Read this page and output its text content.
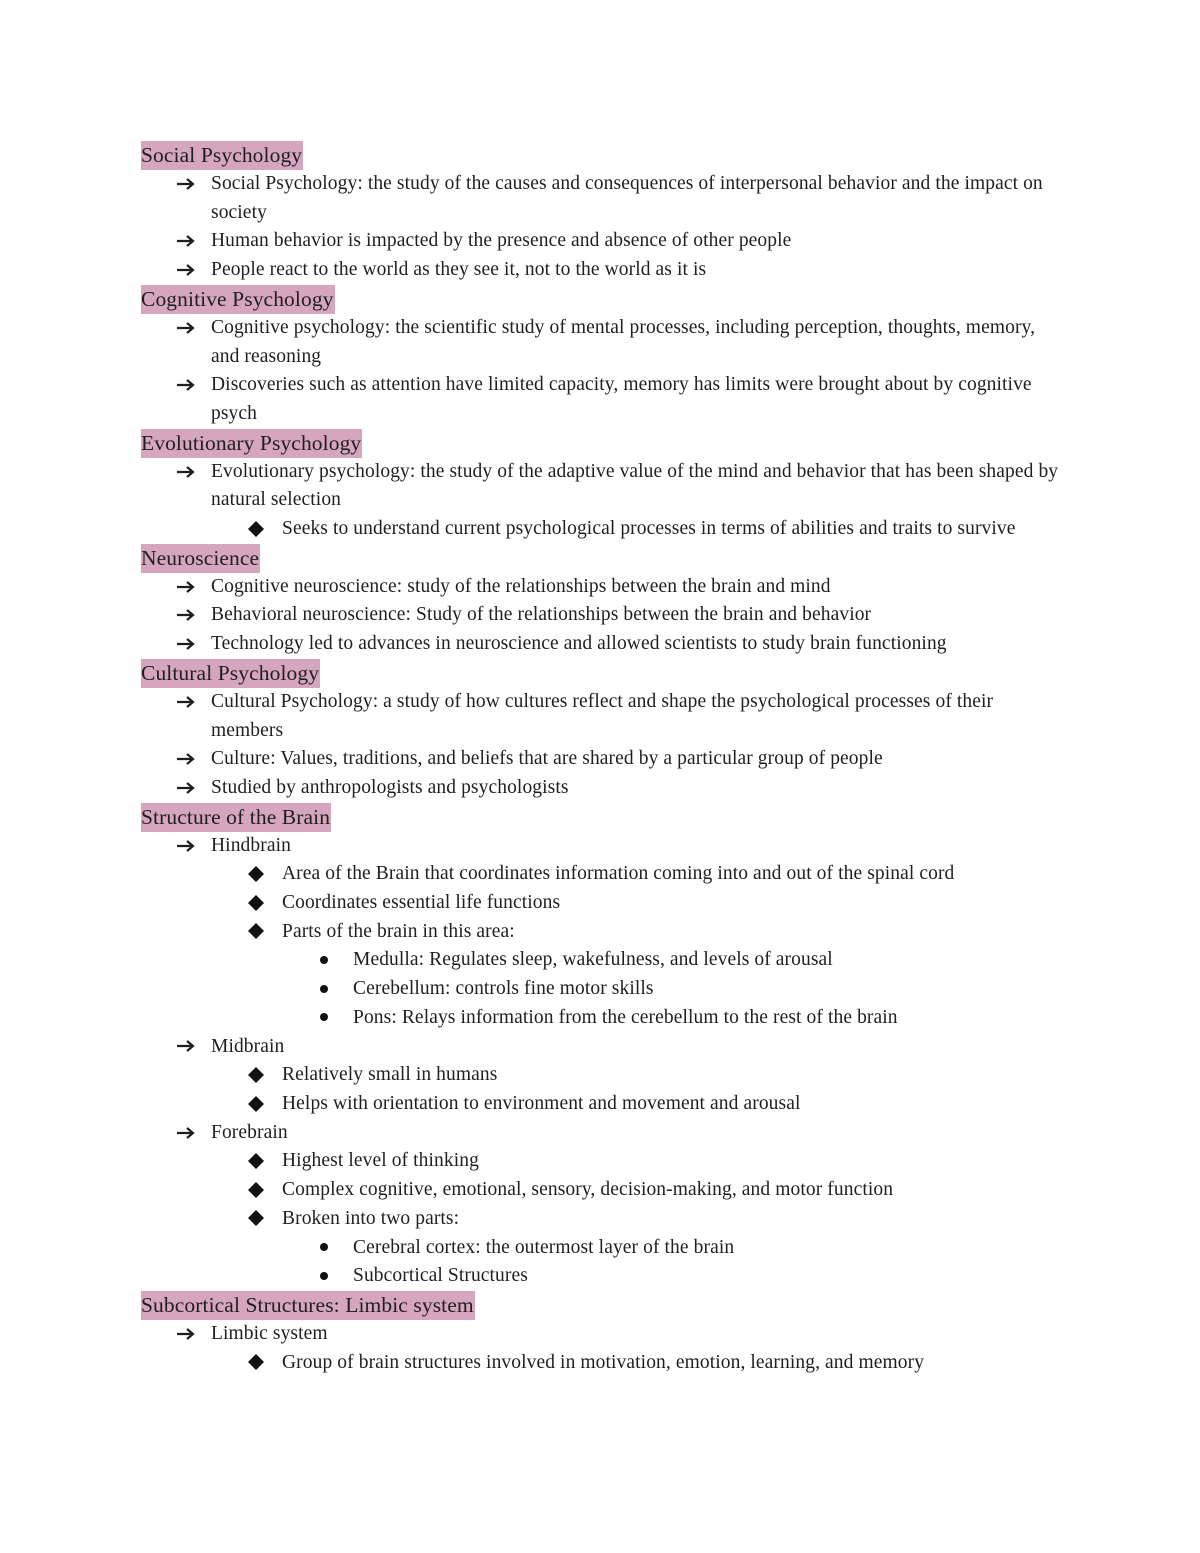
Social Psychology
Social Psychology: the study of the causes and consequences of interpersonal behavior and the impact on society
Human behavior is impacted by the presence and absence of other people
People react to the world as they see it, not to the world as it is
Cognitive Psychology
Cognitive psychology: the scientific study of mental processes, including perception, thoughts, memory, and reasoning
Discoveries such as attention have limited capacity, memory has limits were brought about by cognitive psych
Evolutionary Psychology
Evolutionary psychology: the study of the adaptive value of the mind and behavior that has been shaped by natural selection
Seeks to understand current psychological processes in terms of abilities and traits to survive
Neuroscience
Cognitive neuroscience: study of the relationships between the brain and mind
Behavioral neuroscience: Study of the relationships between the brain and behavior
Technology led to advances in neuroscience and allowed scientists to study brain functioning
Cultural Psychology
Cultural Psychology: a study of how cultures reflect and shape the psychological processes of their members
Culture: Values, traditions, and beliefs that are shared by a particular group of people
Studied by anthropologists and psychologists
Structure of the Brain
Hindbrain
Area of the Brain that coordinates information coming into and out of the spinal cord
Coordinates essential life functions
Parts of the brain in this area:
Medulla: Regulates sleep, wakefulness, and levels of arousal
Cerebellum: controls fine motor skills
Pons: Relays information from the cerebellum to the rest of the brain
Midbrain
Relatively small in humans
Helps with orientation to environment and movement and arousal
Forebrain
Highest level of thinking
Complex cognitive, emotional, sensory, decision-making, and motor function
Broken into two parts:
Cerebral cortex: the outermost layer of the brain
Subcortical Structures
Subcortical Structures: Limbic system
Limbic system
Group of brain structures involved in motivation, emotion, learning, and memory
